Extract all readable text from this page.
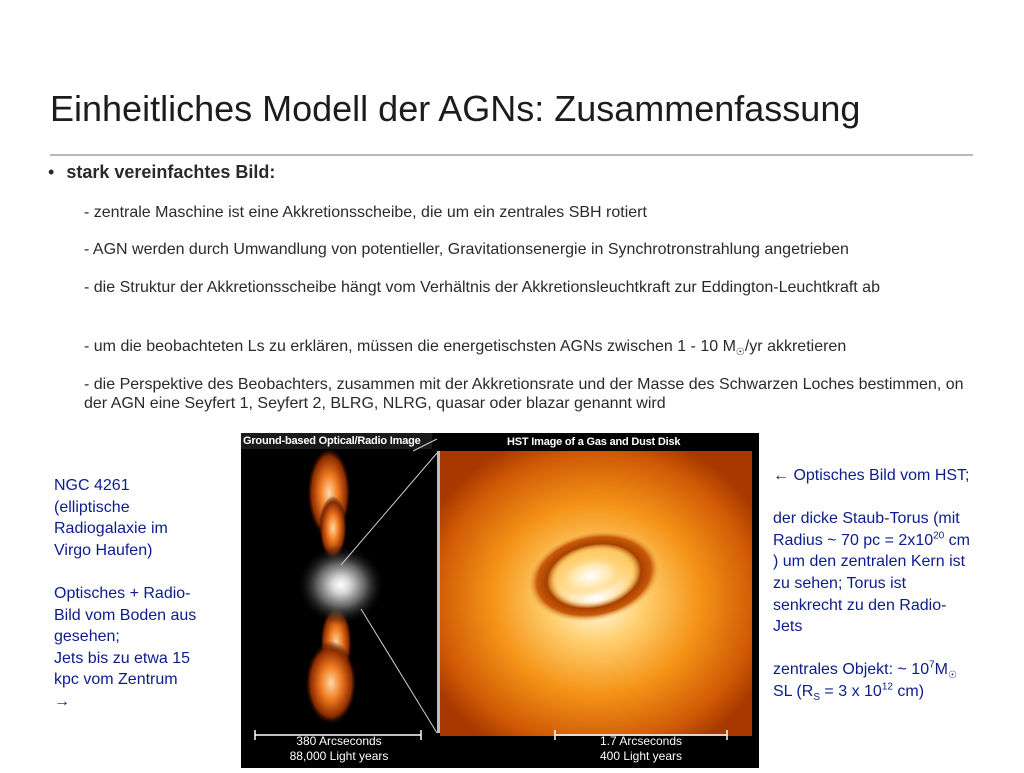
Einheitliches Modell der AGNs: Zusammenfassung
• stark vereinfachtes Bild:
- zentrale Maschine ist eine Akkretionsscheibe, die um ein zentrales SBH rotiert
- AGN werden durch Umwandlung von potentieller, Gravitationsenergie in Synchrotronstrahlung angetrieben
- die Struktur der Akkretionsscheibe hängt vom Verhältnis der Akkretionsleuchtkraft zur Eddington-Leuchtkraft ab
- um die beobachteten Ls zu erklären, müssen die energetischsten AGNs zwischen 1 - 10 $M_☉/yr$ akkretieren
- die Perspektive des Beobachters, zusammen mit der Akkretionsrate und der Masse des Schwarzen Loches bestimmen, on der AGN eine Seyfert 1, Seyfert 2, BLRG, NLRG, quasar oder blazar genannt wird
NGC 4261
(elliptische
Radiogalaxie im
Virgo Haufen)
Optisches + Radio-
Bild vom Boden aus
gesehen;
Jets bis zu etwa 15
kpc vom Zentrum
→
Ground-based Optical/Radio Image	HST Image of a Gas and Dust Disk
380 Arcseconds
88,000 Light years
1.7 Arcseconds
400 Light years
← Optisches Bild vom HST;
der dicke Staub-Torus (mit
Radius ~ 70 pc = $2x10^{20}$ cm
) um den zentralen Kern ist
zu sehen; Torus ist
senkrecht zu den Radio-
Jets
zentrales Objekt: ~ $10^7M_☉$
SL ($R_S = 3$ x $10^{12}$ cm)
